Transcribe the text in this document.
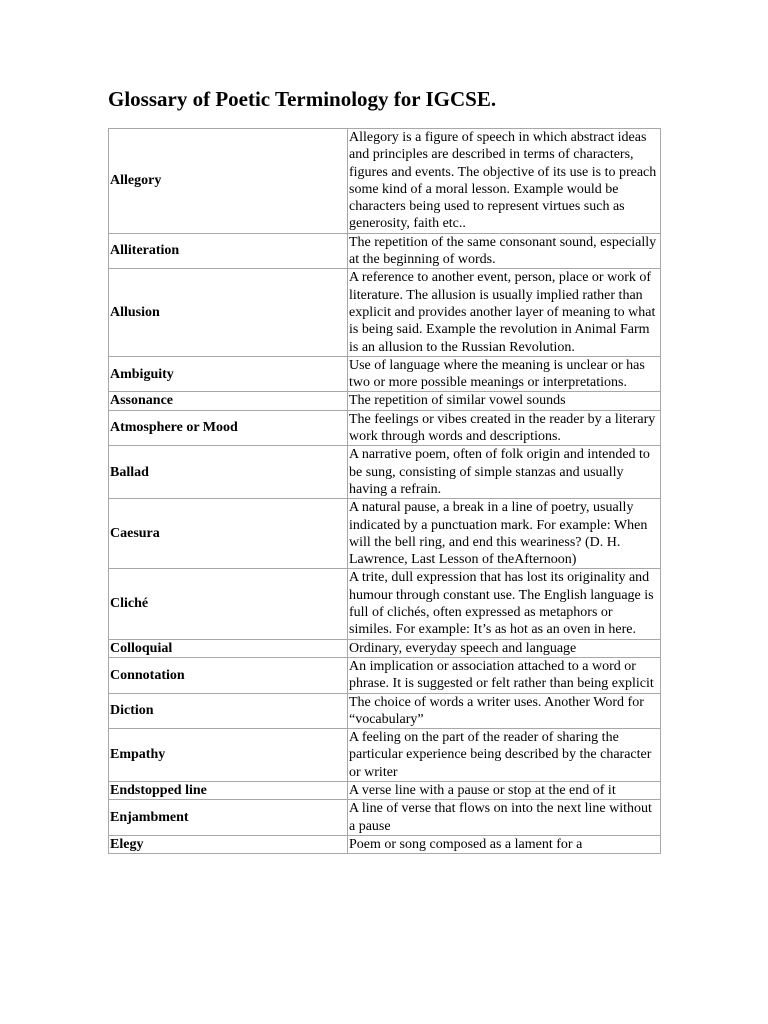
Glossary of Poetic Terminology for IGCSE.
Allegory	Allegory is a figure of speech in which abstract ideas and principles are described in terms of characters, figures and events. The objective of its use is to preach some kind of a moral lesson. Example would be characters being used to represent virtues such as generosity, faith etc..
Alliteration	The repetition of the same consonant sound, especially at the beginning of words.
Allusion	A reference to another event, person, place or work of literature. The allusion is usually implied rather than explicit and provides another layer of meaning to what is being said. Example the revolution in Animal Farm is an allusion to the Russian Revolution.
Ambiguity	Use of language where the meaning is unclear or has two or more possible meanings or interpretations.
Assonance	The repetition of similar vowel sounds
Atmosphere or Mood	The feelings or vibes created in the reader by a literary work through words and descriptions.
Ballad	A narrative poem, often of folk origin and intended to be sung, consisting of simple stanzas and usually having a refrain.
Caesura	A natural pause, a break in a line of poetry, usually indicated by a punctuation mark. For example: When will the bell ring, and end this weariness? (D. H. Lawrence, Last Lesson of theAfternoon)
Cliché	A trite, dull expression that has lost its originality and humour through constant use. The English language is full of clichés, often expressed as metaphors or similes. For example: It’s as hot as an oven in here.
Colloquial	Ordinary, everyday speech and language
Connotation	An implication or association attached to a word or phrase. It is suggested or felt rather than being explicit
Diction	The choice of words a writer uses. Another Word for “vocabulary”
Empathy	A feeling on the part of the reader of sharing the particular experience being described by the character or writer
Endstopped line	A verse line with a pause or stop at the end of it
Enjambment	A line of verse that flows on into the next line without a pause
Elegy	Poem or song composed as a lament for a
